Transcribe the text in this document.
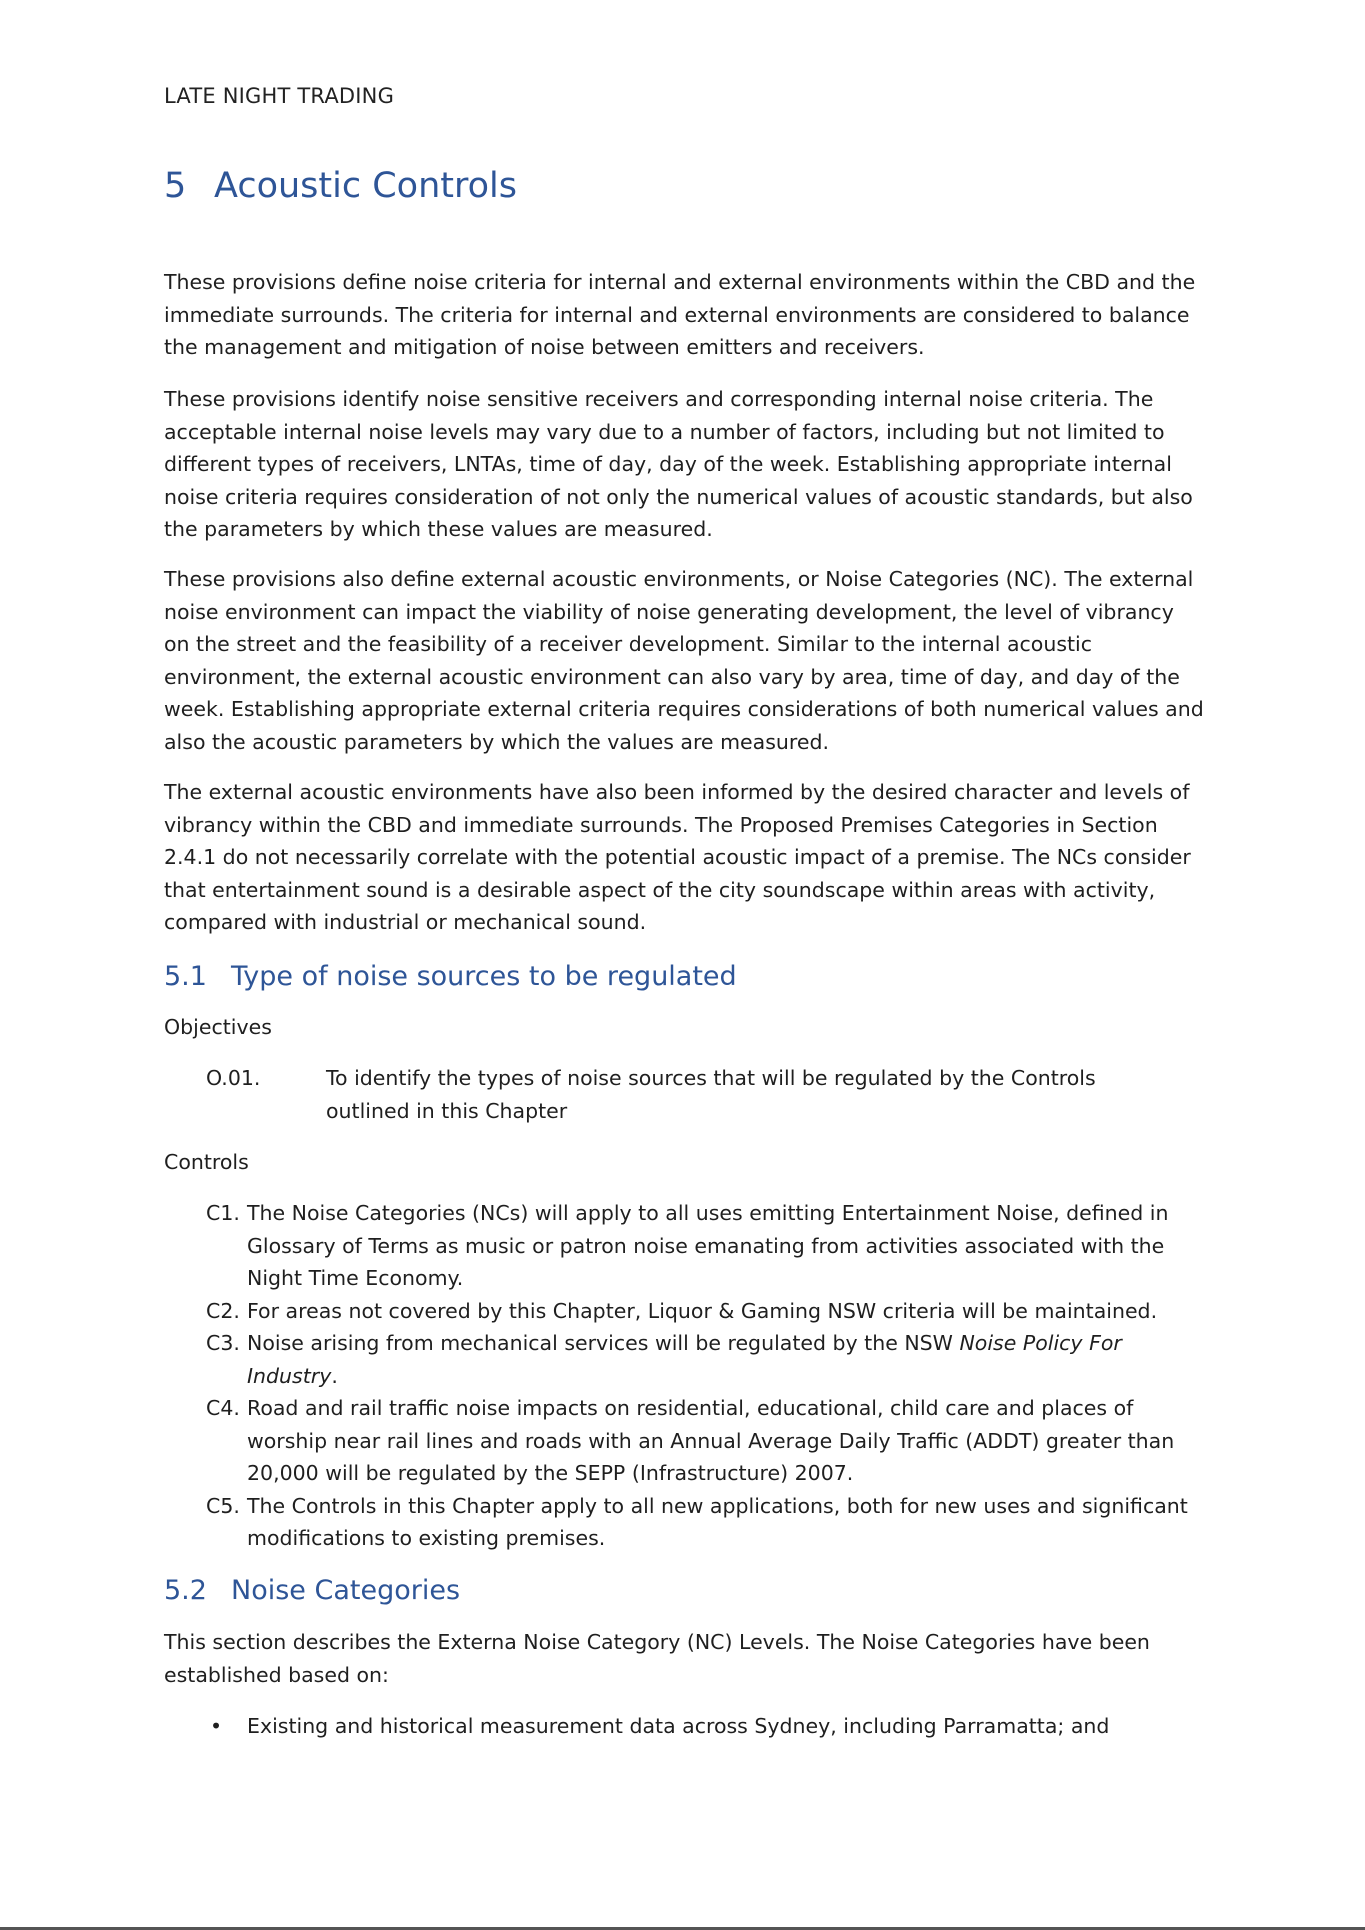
LATE NIGHT TRADING
5 Acoustic Controls

These provisions define noise criteria for internal and external environments within the CBD and the immediate surrounds. The criteria for internal and external environments are considered to balance the management and mitigation of noise between emitters and receivers.

These provisions identify noise sensitive receivers and corresponding internal noise criteria. The acceptable internal noise levels may vary due to a number of factors, including but not limited to different types of receivers, LNTAs, time of day, day of the week. Establishing appropriate internal noise criteria requires consideration of not only the numerical values of acoustic standards, but also the parameters by which these values are measured.

These provisions also define external acoustic environments, or Noise Categories (NC). The external noise environment can impact the viability of noise generating development, the level of vibrancy on the street and the feasibility of a receiver development. Similar to the internal acoustic environment, the external acoustic environment can also vary by area, time of day, and day of the week. Establishing appropriate external criteria requires considerations of both numerical values and also the acoustic parameters by which the values are measured.

The external acoustic environments have also been informed by the desired character and levels of vibrancy within the CBD and immediate surrounds. The Proposed Premises Categories in Section 2.4.1 do not necessarily correlate with the potential acoustic impact of a premise. The NCs consider that entertainment sound is a desirable aspect of the city soundscape within areas with activity, compared with industrial or mechanical sound.

5.1 Type of noise sources to be regulated
Objectives
O.01.	To identify the types of noise sources that will be regulated by the Controls outlined in this Chapter
Controls
C1. The Noise Categories (NCs) will apply to all uses emitting Entertainment Noise, defined in Glossary of Terms as music or patron noise emanating from activities associated with the Night Time Economy.
C2. For areas not covered by this Chapter, Liquor & Gaming NSW criteria will be maintained.
C3. Noise arising from mechanical services will be regulated by the NSW Noise Policy For Industry.
C4. Road and rail traffic noise impacts on residential, educational, child care and places of worship near rail lines and roads with an Annual Average Daily Traffic (ADDT) greater than 20,000 will be regulated by the SEPP (Infrastructure) 2007.
C5. The Controls in this Chapter apply to all new applications, both for new uses and significant modifications to existing premises.
5.2 Noise Categories

This section describes the Externa Noise Category (NC) Levels. The Noise Categories have been established based on:

• Existing and historical measurement data across Sydney, including Parramatta; and
